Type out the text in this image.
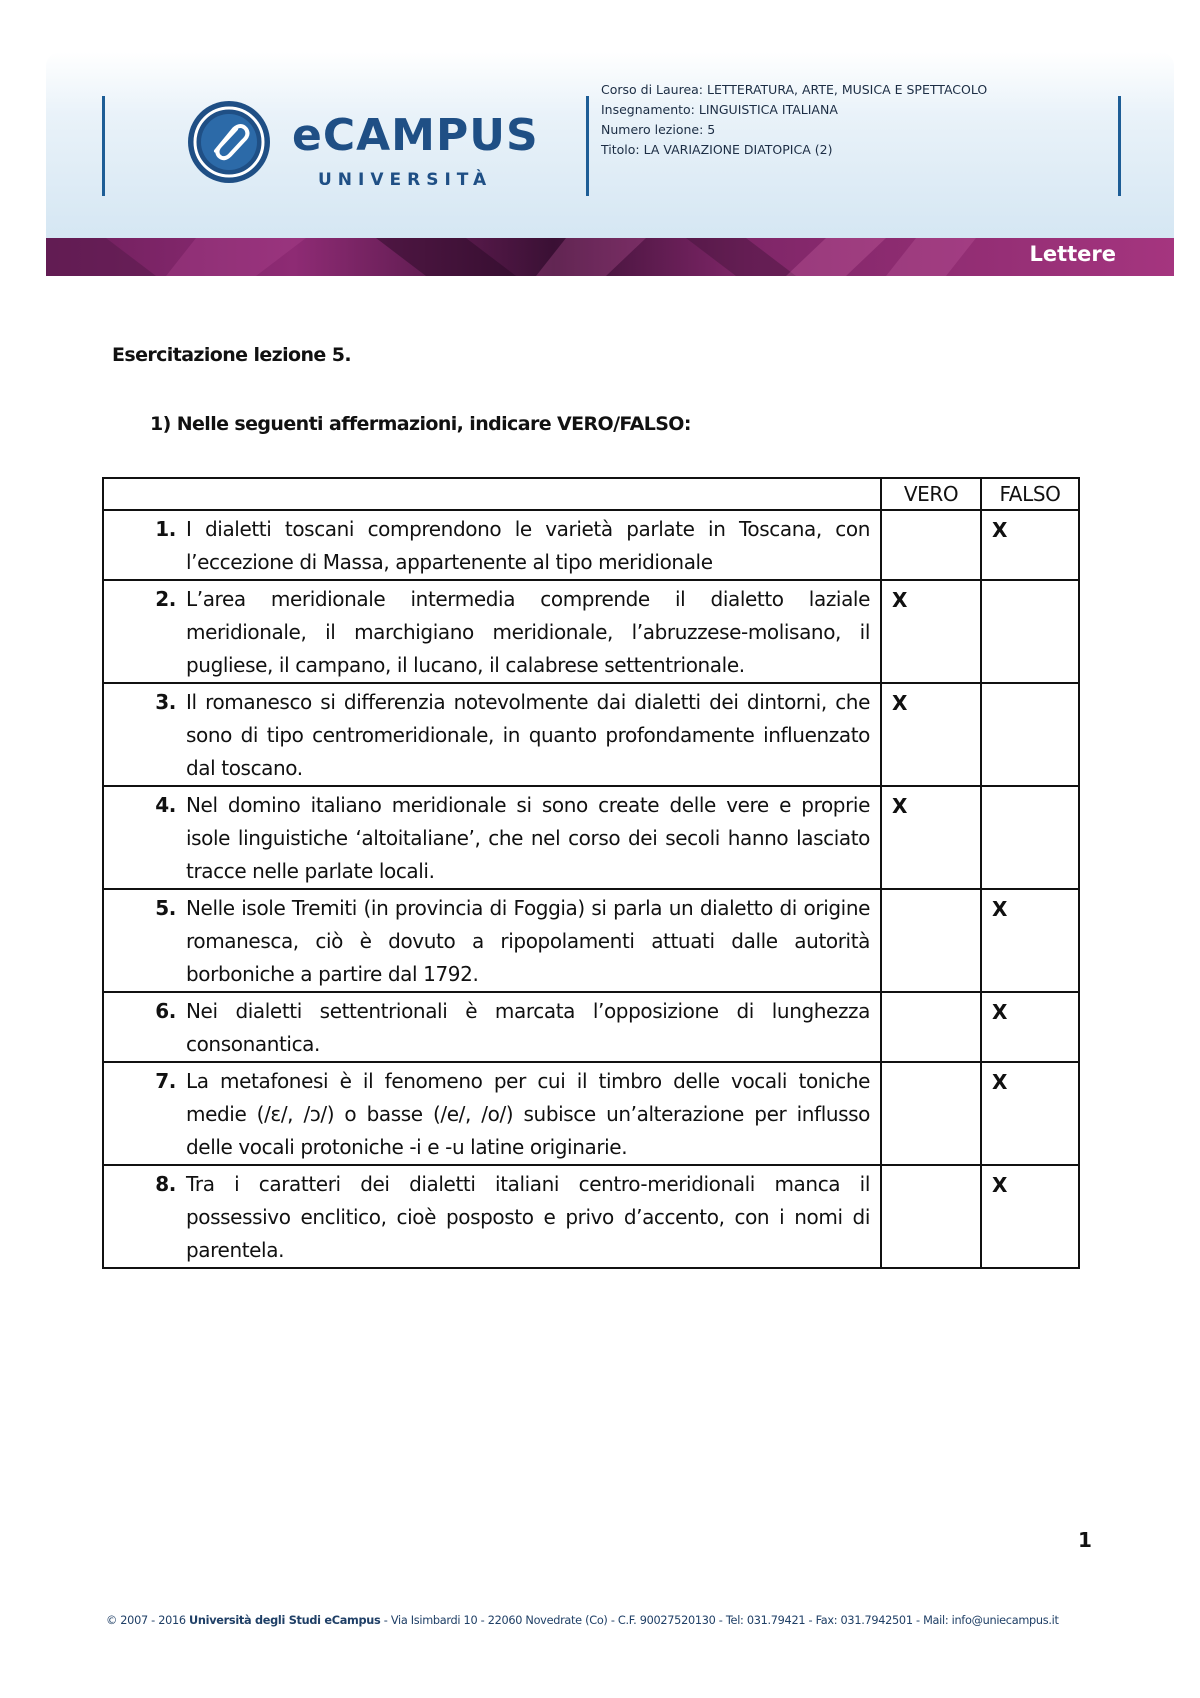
eCAMPUS
UNIVERSITÀ
Corso di Laurea: LETTERATURA, ARTE, MUSICA E SPETTACOLO
Insegnamento: LINGUISTICA ITALIANA
Numero lezione: 5
Titolo: LA VARIAZIONE DIATOPICA (2)
Lettere
Esercitazione lezione 5.
1) Nelle seguenti affermazioni, indicare VERO/FALSO:
	VERO	FALSO

1. I dialetti toscani comprendono le varietà parlate in Toscana, con l’eccezione di Massa, appartenente al tipo meridionale		X

2. L’area meridionale intermedia comprende il dialetto laziale meridionale, il marchigiano meridionale, l’abruzzese-molisano, il pugliese, il campano, il lucano, il calabrese settentrionale.	X	

3. Il romanesco si differenzia notevolmente dai dialetti dei dintorni, che sono di tipo centromeridionale, in quanto profondamente influenzato dal toscano.	X	

4. Nel domino italiano meridionale si sono create delle vere e proprie isole linguistiche ‘altoitaliane’, che nel corso dei secoli hanno lasciato tracce nelle parlate locali.	X	

5. Nelle isole Tremiti (in provincia di Foggia) si parla un dialetto di origine romanesca, ciò è dovuto a ripopolamenti attuati dalle autorità borboniche a partire dal 1792.		X

6. Nei dialetti settentrionali è marcata l’opposizione di lunghezza consonantica.		X

7. La metafonesi è il fenomeno per cui il timbro delle vocali toniche medie (/ɛ/, /ɔ/) o basse (/e/, /o/) subisce un’alterazione per influsso delle vocali protoniche -i e -u latine originarie.		X

8. Tra i caratteri dei dialetti italiani centro-meridionali manca il possessivo enclitico, cioè posposto e privo d’accento, con i nomi di parentela.		X
1
© 2007 - 2016 Università degli Studi eCampus - Via Isimbardi 10 - 22060 Novedrate (Co) - C.F. 90027520130 - Tel: 031.79421 - Fax: 031.7942501 - Mail: info@uniecampus.it
